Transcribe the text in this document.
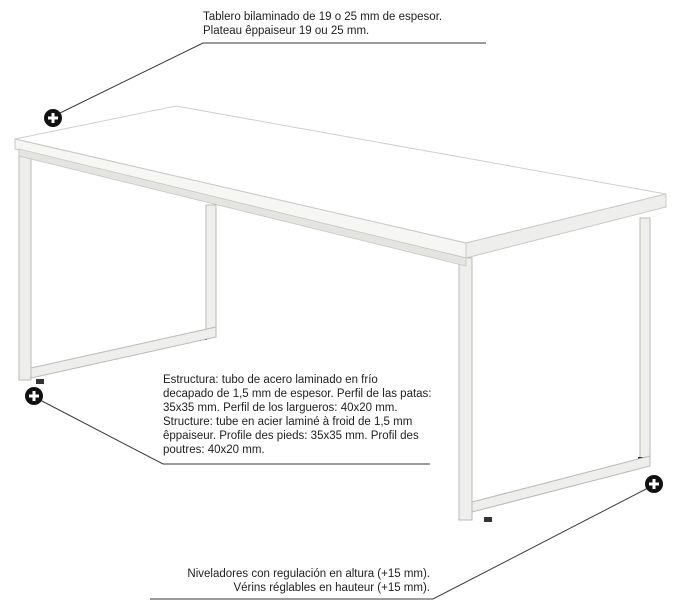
Tablero bilaminado de 19 o 25 mm de espesor.
Plateau êppaiseur 19 ou 25 mm.
Estructura: tubo de acero laminado en frío
decapado de 1,5 mm de espesor. Perfil de las patas:
35x35 mm. Perfil de los largueros: 40x20 mm.
Structure: tube en acier laminé à froid de 1,5 mm
êppaiseur. Profile des pieds: 35x35 mm. Profil des
poutres: 40x20 mm.
Niveladores con regulación en altura (+15 mm).
Vérins réglables en hauteur (+15 mm).
